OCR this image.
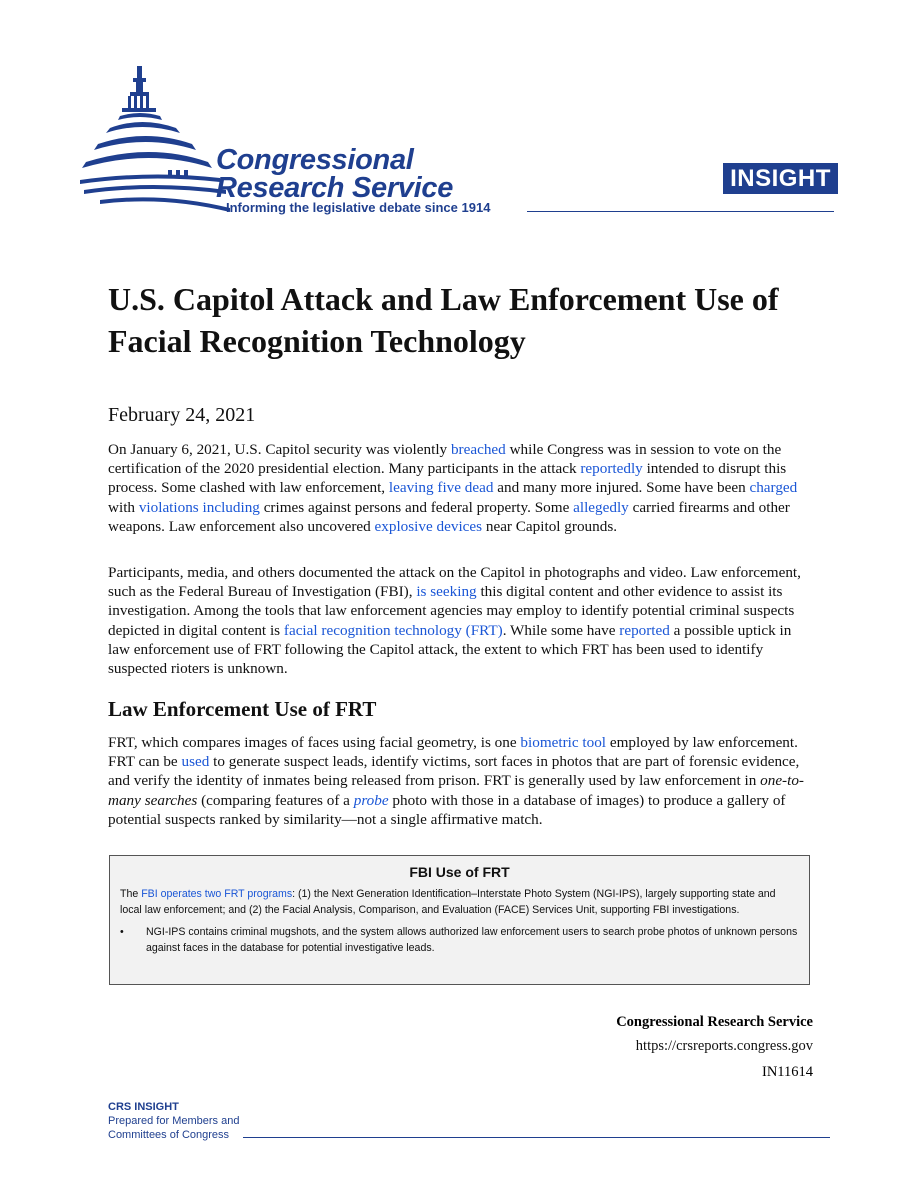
Congressional
Research Service
Informing the legislative debate since 1914
INSIGHT
U.S. Capitol Attack and Law Enforcement Use of Facial Recognition Technology
February 24, 2021

On January 6, 2021, U.S. Capitol security was violently breached while Congress was in session to vote on the certification of the 2020 presidential election. Many participants in the attack reportedly intended to disrupt this process. Some clashed with law enforcement, leaving five dead and many more injured. Some have been charged with violations including crimes against persons and federal property. Some allegedly carried firearms and other weapons. Law enforcement also uncovered explosive devices near Capitol grounds.

Participants, media, and others documented the attack on the Capitol in photographs and video. Law enforcement, such as the Federal Bureau of Investigation (FBI), is seeking this digital content and other evidence to assist its investigation. Among the tools that law enforcement agencies may employ to identify potential criminal suspects depicted in digital content is facial recognition technology (FRT). While some have reported a possible uptick in law enforcement use of FRT following the Capitol attack, the extent to which FRT has been used to identify suspected rioters is unknown.

Law Enforcement Use of FRT

FRT, which compares images of faces using facial geometry, is one biometric tool employed by law enforcement. FRT can be used to generate suspect leads, identify victims, sort faces in photos that are part of forensic evidence, and verify the identity of inmates being released from prison. FRT is generally used by law enforcement in one-to-many searches (comparing features of a probe photo with those in a database of images) to produce a gallery of potential suspects ranked by similarity—not a single affirmative match.

FBI Use of FRT
The FBI operates two FRT programs: (1) the Next Generation Identification–Interstate Photo System (NGI-IPS), largely supporting state and local law enforcement; and (2) the Facial Analysis, Comparison, and Evaluation (FACE) Services Unit, supporting FBI investigations.
•	NGI-IPS contains criminal mugshots, and the system allows authorized law enforcement users to search probe photos of unknown persons against faces in the database for potential investigative leads.
Congressional Research Service
https://crsreports.congress.gov
IN11614
CRS INSIGHT
Prepared for Members and
Committees of Congress
